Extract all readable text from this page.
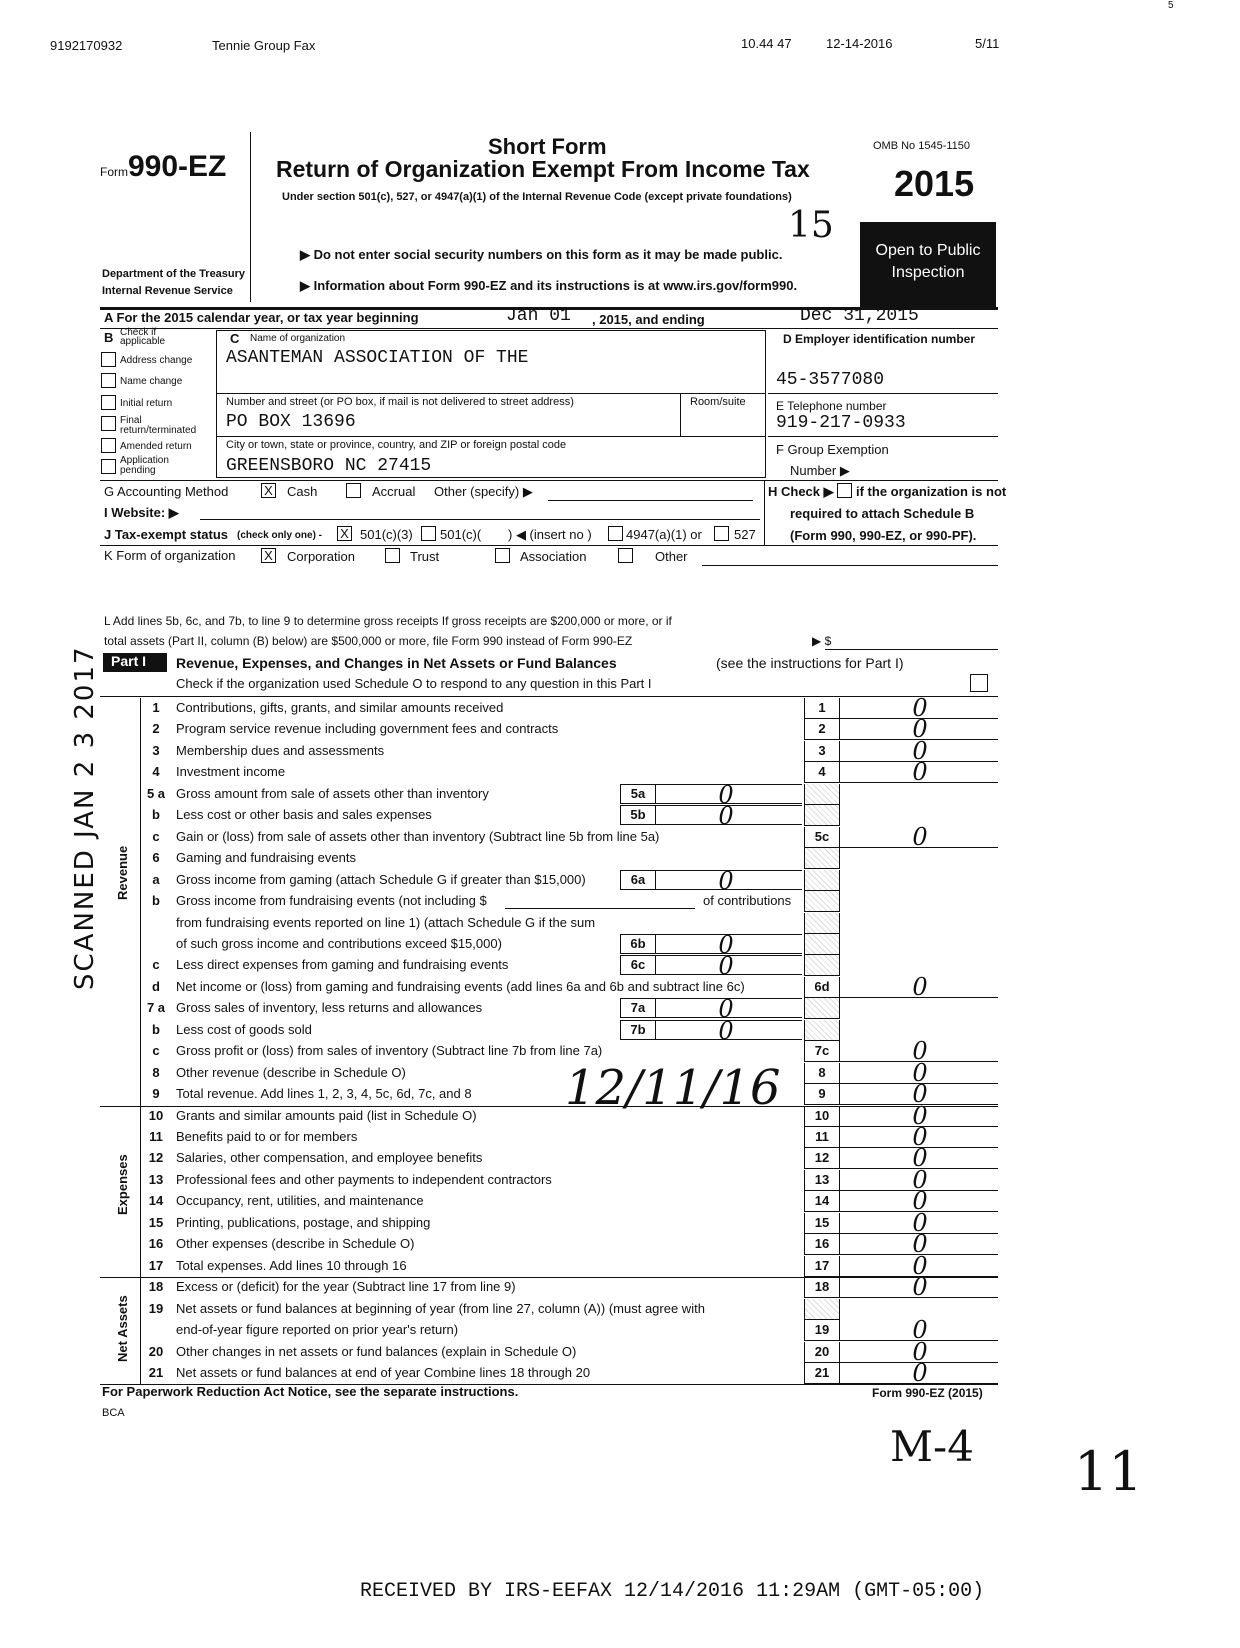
9192170932	Tennie Group Fax	10.44 47	12-14-2016	5/11
5
Form990-EZ
Short Form
Return of Organization Exempt From Income Tax
Under section 501(c), 527, or 4947(a)(1) of the Internal Revenue Code (except private foundations)
▶ Do not enter social security numbers on this form as it may be made public.
▶ Information about Form 990-EZ and its instructions is at www.irs.gov/form990.
Department of the Treasury
Internal Revenue Service
OMB No 1545-1150
2015
Open to Public
Inspection
A For the 2015 calendar year, or tax year beginning	Jan 01 , 2015, and ending	Dec 31,2015
B Check if applicable
Address change
Name change
Initial return
Final return/terminated
Amended return
Application pending
C Name of organization
ASANTEMAN ASSOCIATION OF THE
Number and street (or PO box, if mail is not delivered to street address)	Room/suite
PO BOX 13696
City or town, state or province, country, and ZIP or foreign postal code
GREENSBORO NC 27415
D Employer identification number
45-3577080
E Telephone number
919-217-0933
F Group Exemption
Number ▶
G Accounting Method	X Cash	Accrual Other (specify) ▶	H Check ▶ if the organization is not
required to attach Schedule B
(Form 990, 990-EZ, or 990-PF).
I Website: ▶
J Tax-exempt status (check only one) - X 501(c)(3) 501(c)( ) ◀ (insert no )	4947(a)(1) or 527
K Form of organization X Corporation	Trust	Association	Other
L Add lines 5b, 6c, and 7b, to line 9 to determine gross receipts If gross receipts are $200,000 or more, or if
total assets (Part II, column (B) below) are $500,000 or more, file Form 990 instead of Form 990-EZ	▶ $
Part I	Revenue, Expenses, and Changes in Net Assets or Fund Balances	(see the instructions for Part I)
Check if the organization used Schedule O to respond to any question in this Part I
1	Contributions, gifts, grants, and similar amounts received	1	0
2	Program service revenue including government fees and contracts	2	0
3	Membership dues and assessments	3	0
4	Investment income	4	0
5 a Gross amount from sale of assets other than inventory	5a	0
b	Less cost or other basis and sales expenses	5b	0
c	Gain or (loss) from sale of assets other than inventory (Subtract line 5b from line 5a)	5c	0
6	Gaming and fundraising events
a	Gross income from gaming (attach Schedule G if greater than $15,000)	6a	0
b	Gross income from fundraising events (not including $	of contributions
from fundraising events reported on line 1) (attach Schedule G if the sum
of such gross income and contributions exceed $15,000)	6b	0
c	Less direct expenses from gaming and fundraising events	6c	0
d	Net income or (loss) from gaming and fundraising events (add lines 6a and 6b and subtract line 6c)	6d	0
7 a Gross sales of inventory, less returns and allowances	7a	0
b	Less cost of goods sold	7b	0
c	Gross profit or (loss) from sales of inventory (Subtract line 7b from line 7a)	7c	0
8	Other revenue (describe in Schedule O)	8	0
9	Total revenue. Add lines 1, 2, 3, 4, 5c, 6d, 7c, and 8	9	0
10 Grants and similar amounts paid (list in Schedule O)	10	0
11	Benefits paid to or for members	11	0
12 Salaries, other compensation, and employee benefits	12	0
13 Professional fees and other payments to independent contractors	13	0
14 Occupancy, rent, utilities, and maintenance	14	0
15 Printing, publications, postage, and shipping	15	0
16 Other expenses (describe in Schedule O)	16	0
17 Total expenses. Add lines 10 through 16	17	0
18 Excess or (deficit) for the year (Subtract line 17 from line 9)	18	0
19 Net assets or fund balances at beginning of year (from line 27, column (A)) (must agree with
end-of-year figure reported on prior year's return)	19	0
20 Other changes in net assets or fund balances (explain in Schedule O)	20	0
21 Net assets or fund balances at end of year Combine lines 18 through 20	21	0
Revenue
Expenses
Net Assets
For Paperwork Reduction Act Notice, see the separate instructions.
BCA
Form 990-EZ (2015)
RECEIVED BY IRS-EEFAX 12/14/2016 11:29AM (GMT-05:00)
SCANNED JAN 2 3 2017
12/11/16
M-4 11
15
